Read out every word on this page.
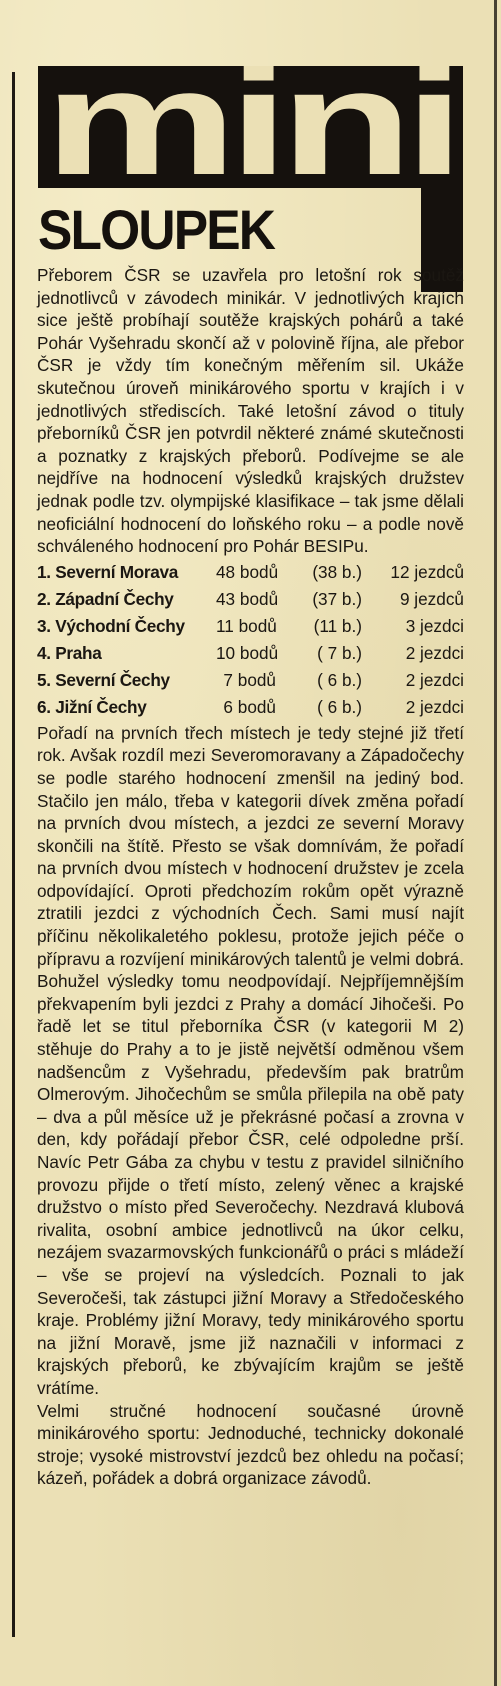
mini
SLOUPEK

Přeborem ČSR se uzavřela pro letošní rok soutěž jednotlivců v závodech minikár. V jednotlivých krajích sice ještě probíhají soutěže krajských pohárů a také Pohár Vyšehradu skončí až v polovině října, ale přebor ČSR je vždy tím konečným měřením sil. Ukáže skutečnou úroveň minikárového sportu v krajích i v jednotlivých střediscích. Také letošní závod o tituly přeborníků ČSR jen potvrdil některé známé skutečnosti a poznatky z krajských přeborů. Podívejme se ale nejdříve na hodnocení výsledků krajských družstev jednak podle tzv. olympijské klasifikace – tak jsme dělali neoficiální hodnocení do loňského roku – a podle nově schváleného hodnocení pro Pohár BESIPu.

1. Severní Morava	48 bodů	(38 b.)	12 jezdců
2. Západní Čechy	43 bodů	(37 b.)	9 jezdců
3. Východní Čechy	11 bodů	(11 b.)	3 jezdci
4. Praha	10 bodů	( 7 b.)	2 jezdci
5. Severní Čechy	7 bodů	( 6 b.)	2 jezdci
6. Jižní Čechy	6 bodů	( 6 b.)	2 jezdci

Pořadí na prvních třech místech je tedy stejné již třetí rok. Avšak rozdíl mezi Severomoravany a Západočechy se podle starého hodnocení zmenšil na jediný bod. Stačilo jen málo, třeba v kategorii dívek změna pořadí na prvních dvou místech, a jezdci ze severní Moravy skončili na štítě. Přesto se však domnívám, že pořadí na prvních dvou místech v hodnocení družstev je zcela odpovídající. Oproti předchozím rokům opět výrazně ztratili jezdci z východních Čech. Sami musí najít příčinu několikaletého poklesu, protože jejich péče o přípravu a rozvíjení minikárových talentů je velmi dobrá. Bohužel výsledky tomu neodpovídají. Nejpříjemnějším překvapením byli jezdci z Prahy a domácí Jihočeši. Po řadě let se titul přeborníka ČSR (v kategorii M 2) stěhuje do Prahy a to je jistě největší odměnou všem nadšencům z Vyšehradu, především pak bratrům Olmerovým. Jihočechům se smůla přilepila na obě paty – dva a půl měsíce už je překrásné počasí a zrovna v den, kdy pořádají přebor ČSR, celé odpoledne prší. Navíc Petr Gába za chybu v testu z pravidel silničního provozu přijde o třetí místo, zelený věnec a krajské družstvo o místo před Severočechy. Nezdravá klubová rivalita, osobní ambice jednotlivců na úkor celku, nezájem svazarmovských funkcionářů o práci s mládeží – vše se projeví na výsledcích. Poznali to jak Severočeši, tak zástupci jižní Moravy a Středočeského kraje. Problémy jižní Moravy, tedy minikárového sportu na jižní Moravě, jsme již naznačili v informaci z krajských přeborů, ke zbývajícím krajům se ještě vrátíme.

Velmi stručné hodnocení současné úrovně minikárového sportu: Jednoduché, technicky dokonalé stroje; vysoké mistrovství jezdců bez ohledu na počasí; kázeň, pořádek a dobrá organizace závodů.
